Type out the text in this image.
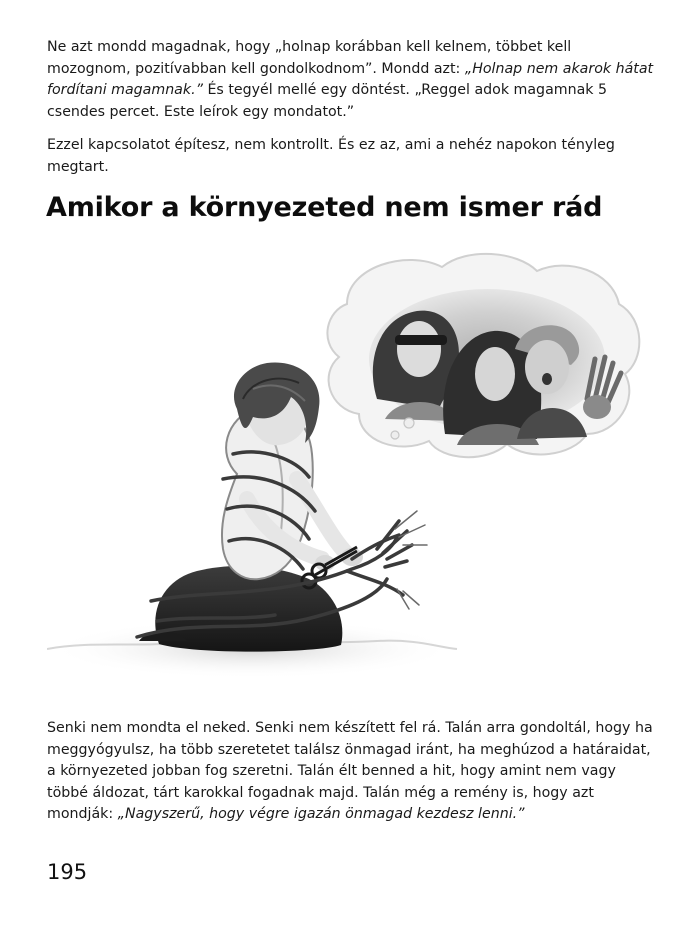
Ne azt mondd magadnak, hogy „holnap korábban kell kelnem, többet kell mozognom, pozitívabban kell gondolkodnom”. Mondd azt: „Holnap nem akarok hátat fordítani magamnak.” És tegyél mellé egy döntést. „Reggel adok magamnak 5 csendes percet. Este leírok egy mondatot.”

Ezzel kapcsolatot építesz, nem kontrollt. És ez az, ami a nehéz napokon tényleg megtart.

Amikor a környezeted nem ismer rád

Senki nem mondta el neked. Senki nem készített fel rá. Talán arra gondoltál, hogy ha meggyógyulsz, ha több szeretetet találsz önmagad iránt, ha meghúzod a határaidat, a környezeted jobban fog szeretni. Talán élt benned a hit, hogy amint nem vagy többé áldozat, tárt karokkal fogadnak majd. Talán még a remény is, hogy azt mondják: „Nagyszerű, hogy végre igazán önmagad kezdesz lenni.”

195
